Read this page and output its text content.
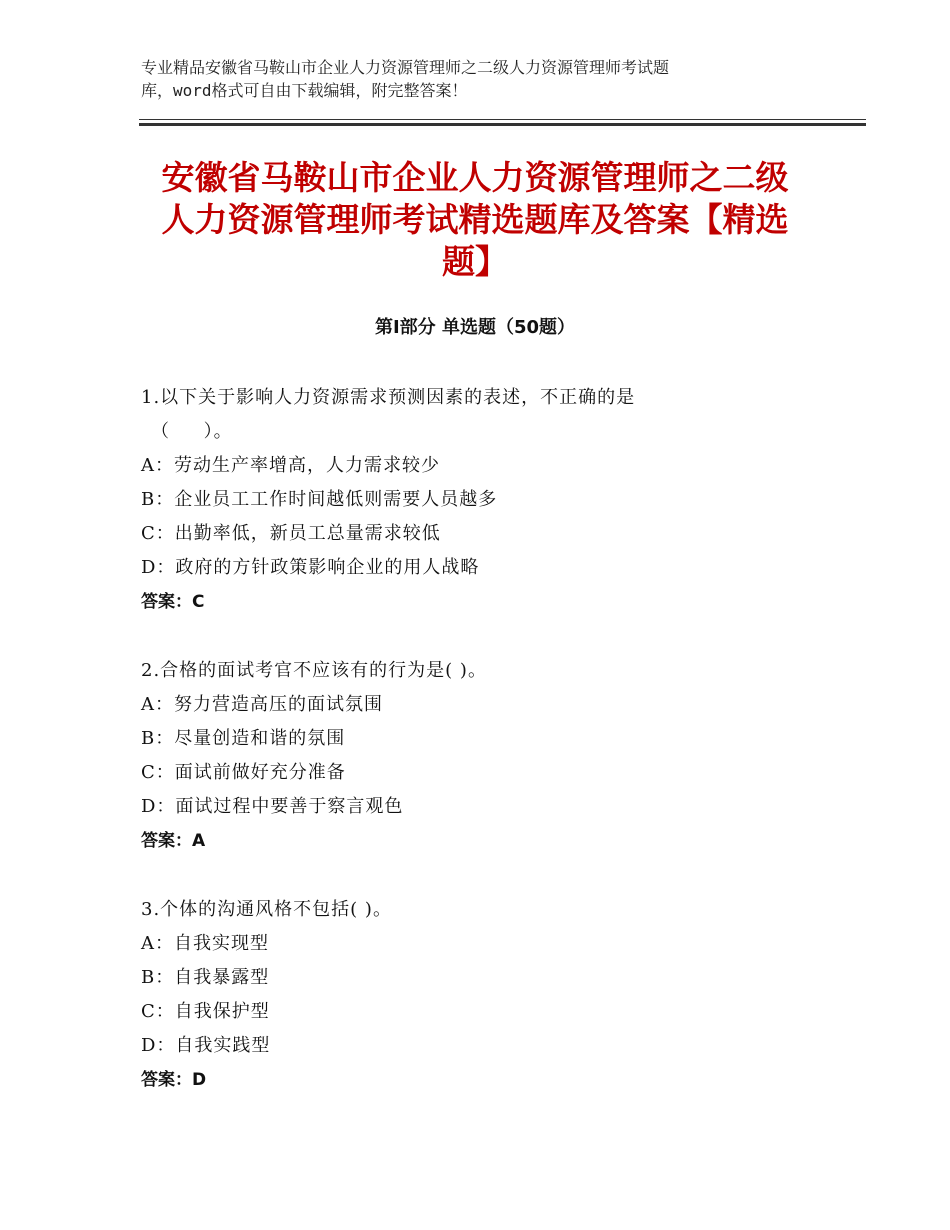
专业精品安徽省马鞍山市企业人力资源管理师之二级人力资源管理师考试题
库，word格式可自由下载编辑，附完整答案！
安徽省马鞍山市企业人力资源管理师之二级
人力资源管理师考试精选题库及答案【精选
题】
第Ⅰ部分 单选题（50题）
1.以下关于影响人力资源需求预测因素的表述，不正确的是
（     ）。
A：劳动生产率增高，人力需求较少
B：企业员工工作时间越低则需要人员越多
C：出勤率低，新员工总量需求较低
D：政府的方针政策影响企业的用人战略
答案：C
2.合格的面试考官不应该有的行为是( )。
A：努力营造高压的面试氛围
B：尽量创造和谐的氛围
C：面试前做好充分准备
D：面试过程中要善于察言观色
答案：A
3.个体的沟通风格不包括( )。
A：自我实现型
B：自我暴露型
C：自我保护型
D：自我实践型
答案：D
